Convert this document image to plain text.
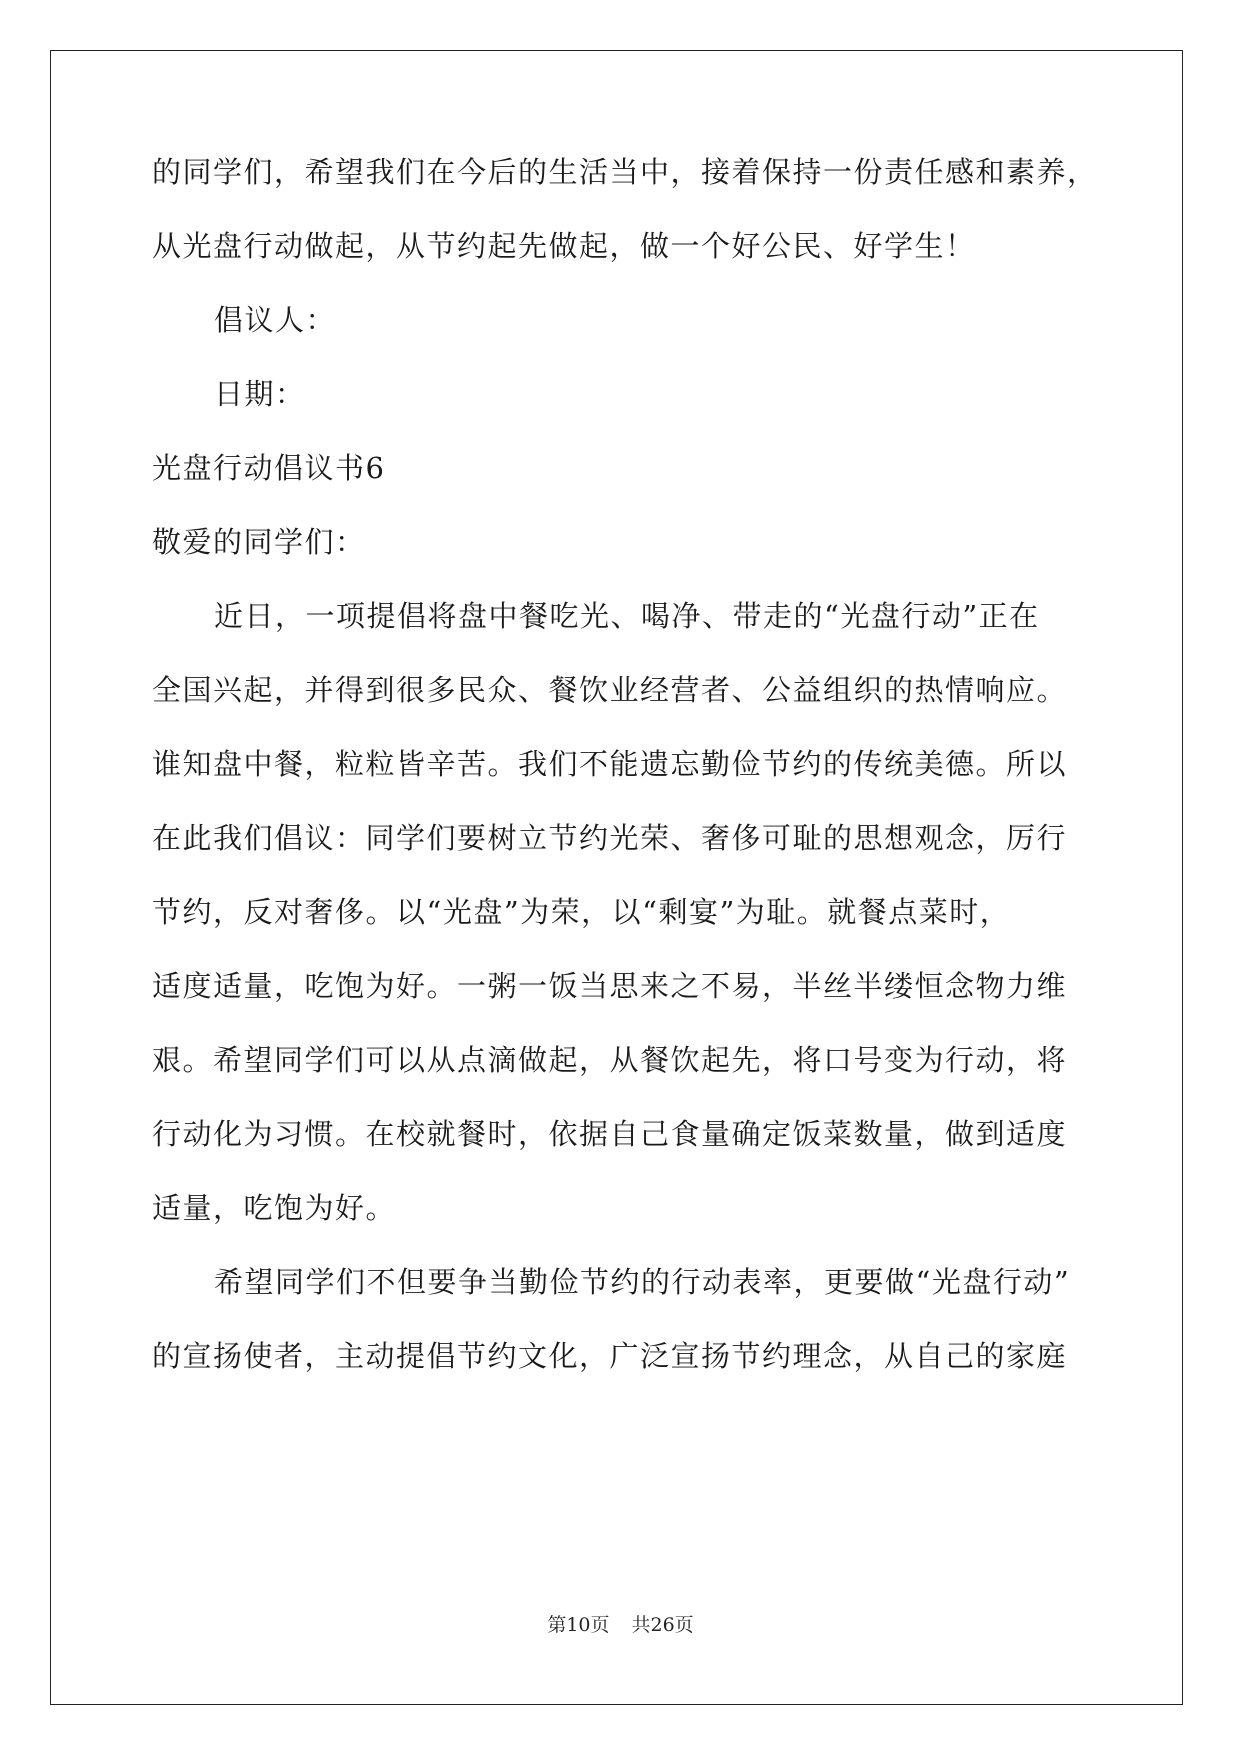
的同学们，希望我们在今后的生活当中，接着保持一份责任感和素养，
从光盘行动做起，从节约起先做起，做一个好公民、好学生！
倡议人：
日期：
光盘行动倡议书6
敬爱的同学们：
近日，一项提倡将盘中餐吃光、喝净、带走的“光盘行动”正在
全国兴起，并得到很多民众、餐饮业经营者、公益组织的热情响应。
谁知盘中餐，粒粒皆辛苦。我们不能遗忘勤俭节约的传统美德。所以
在此我们倡议：同学们要树立节约光荣、奢侈可耻的思想观念，厉行
节约，反对奢侈。以“光盘”为荣，以“剩宴”为耻。就餐点菜时，
适度适量，吃饱为好。一粥一饭当思来之不易，半丝半缕恒念物力维
艰。希望同学们可以从点滴做起，从餐饮起先，将口号变为行动，将
行动化为习惯。在校就餐时，依据自己食量确定饭菜数量，做到适度
适量，吃饱为好。
希望同学们不但要争当勤俭节约的行动表率，更要做“光盘行动”
的宣扬使者，主动提倡节约文化，广泛宣扬节约理念，从自己的家庭
第10页 共26页
